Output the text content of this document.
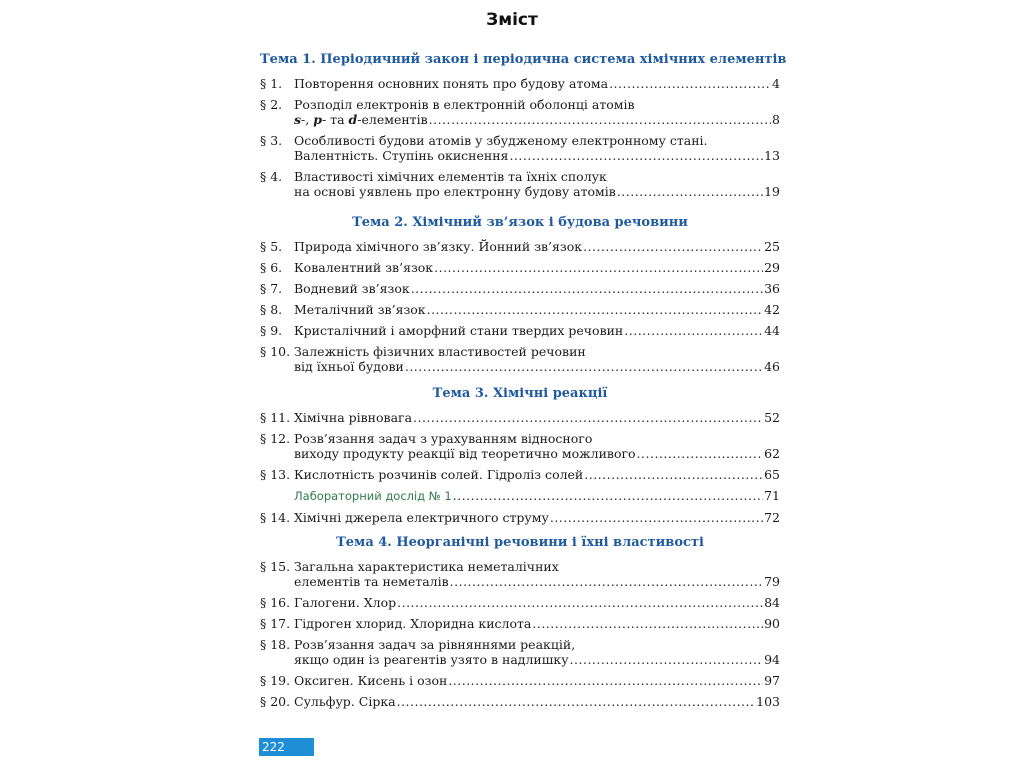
Зміст
Тема 1. Періодичний закон і періодична система хімічних елементів
§ 1. Повторення основних понять про будову атома .....	4
§ 2. Розподіл електронів в електронній оболонці атомів
s-, p- та d -елементів .....	8
§ 3. Особливості будови атомів у збудженому електронному стані.
Валентність. Ступінь окиснення .....	13
§ 4. Властивості хімічних елементів та їхніх сполук
на основі уявлень про електронну будову атомів .....	19
Тема 2. Хімічний зв’язок і будова речовини
§ 5. Природа хімічного зв’язку. Йонний зв’язок .....	25
§ 6. Ковалентний зв’язок .....	29
§ 7. Водневий зв’язок .....	36
§ 8. Металічний зв’язок .....	42
§ 9. Кристалічний і аморфний стани твердих речовин .....	44
§ 10. Залежність фізичних властивостей речовин
від їхньої будови .....	46
Тема 3. Хімічні реакції
§ 11. Хімічна рівновага .....	52
§ 12. Розв’язання задач з урахуванням відносного
виходу продукту реакції від теоретично можливого .....	62
§ 13. Кислотність розчинів солей. Гідроліз солей .....	65
Лабораторний дослід № 1 .....	71
§ 14. Хімічні джерела електричного струму .....	72
Тема 4. Неорганічні речовини і їхні властивості
§ 15. Загальна характеристика неметалічних
елементів та неметалів .....	79
§ 16. Галогени. Хлор .....	84
§ 17. Гідроген хлорид. Хлоридна кислота .....	90
§ 18. Розв’язання задач за рівняннями реакцій,
якщо один із реагентів узято в надлишку .....	94
§ 19. Оксиген. Кисень і озон .....	97
§ 20. Сульфур. Сірка .....	103
222
